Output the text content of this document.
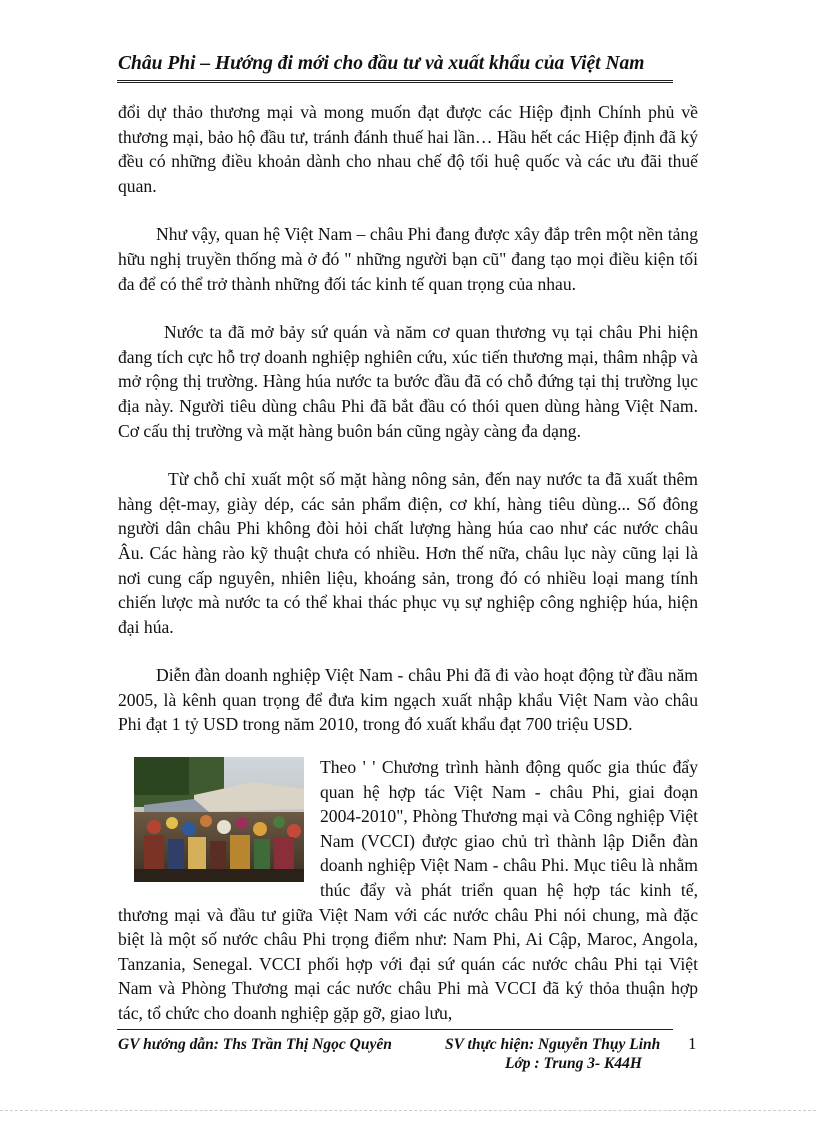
Châu Phi – Hướng đi mới cho đầu tư và xuất khẩu của Việt Nam

đổi dự thảo thương mại và mong muốn đạt được các Hiệp định Chính phủ về thương mại, bảo hộ đầu tư, tránh đánh thuế hai lần… Hầu hết các Hiệp định đã ký đều có những điều khoản dành cho nhau chế độ tối huệ quốc và các ưu đãi thuế quan.

Như vậy, quan hệ Việt Nam – châu Phi đang được xây đắp trên một nền tảng hữu nghị truyền thống mà ở đó " những người bạn cũ" đang tạo mọi điều kiện tối đa để có thể trở thành những đối tác kinh tế quan trọng của nhau.

Nước ta đã mở bảy sứ quán và năm cơ quan thương vụ tại châu Phi hiện đang tích cực hỗ trợ doanh nghiệp nghiên cứu, xúc tiến thương mại, thâm nhập và mở rộng thị trường. Hàng húa nước ta bước đầu đã có chỗ đứng tại thị trường lục địa này. Người tiêu dùng châu Phi đã bắt đầu có thói quen dùng hàng Việt Nam. Cơ cấu thị trường và mặt hàng buôn bán cũng ngày càng đa dạng.

Từ chỗ chỉ xuất một số mặt hàng nông sản, đến nay nước ta đã xuất thêm hàng dệt-may, giày dép, các sản phẩm điện, cơ khí, hàng tiêu dùng... Số đông người dân châu Phi không đòi hỏi chất lượng hàng húa cao như các nước châu Âu. Các hàng rào kỹ thuật chưa có nhiều. Hơn thế nữa, châu lục này cũng lại là nơi cung cấp nguyên, nhiên liệu, khoáng sản, trong đó có nhiều loại mang tính chiến lược mà nước ta có thể khai thác phục vụ sự nghiệp công nghiệp húa, hiện đại húa.

Diễn đàn doanh nghiệp Việt Nam - châu Phi đã đi vào hoạt động từ đầu năm 2005, là kênh quan trọng để đưa kim ngạch xuất nhập khẩu Việt Nam vào châu Phi đạt 1 tỷ USD trong năm 2010, trong đó xuất khẩu đạt 700 triệu USD.

Theo ' ' Chương trình hành động quốc gia thúc đẩy quan hệ hợp tác Việt Nam - châu Phi, giai đoạn 2004-2010", Phòng Thương mại và Công nghiệp Việt Nam (VCCI) được giao chủ trì thành lập Diễn đàn doanh nghiệp Việt Nam - châu Phi. Mục tiêu là nhằm thúc đẩy và phát triển quan hệ hợp tác kinh tế, thương mại và đầu tư giữa Việt Nam với các nước châu Phi nói chung, mà đặc biệt là một số nước châu Phi trọng điểm như: Nam Phi, Ai Cập, Maroc, Angola, Tanzania, Senegal. VCCI phối hợp với đại sứ quán các nước châu Phi tại Việt Nam và Phòng Thương mại các nước châu Phi mà VCCI đã ký thỏa thuận hợp tác, tổ chức cho doanh nghiệp gặp gỡ, giao lưu,

GV hướng dẫn: Ths Trần Thị Ngọc Quyên	SV thực hiện: Nguyễn Thụy Linh
Lớp : Trung 3- K44H
1
